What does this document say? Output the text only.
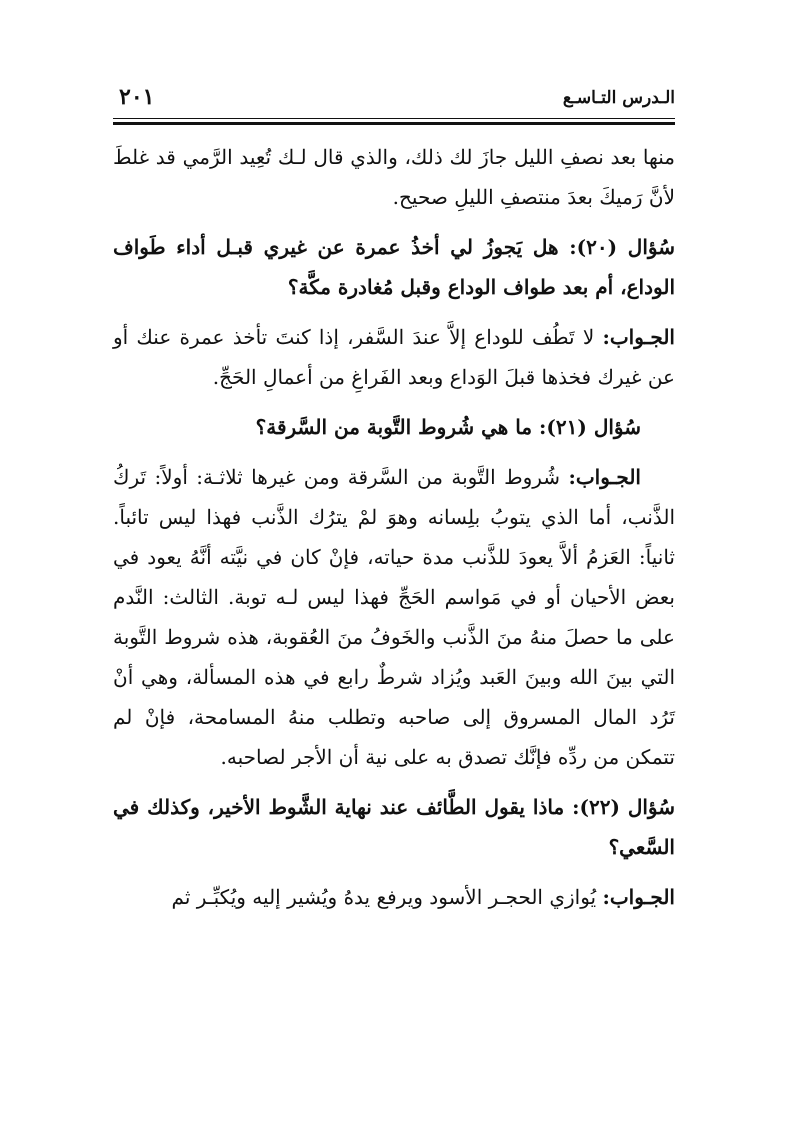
الـدرس التـاسـع
٢٠١

منها بعد نصفِ الليل جازَ لك ذلك، والذي قال لـك تُعِيد الرَّمي قد غلطَ لأنَّ رَميكَ بعدَ منتصفِ الليلِ صحيح.

سُؤال (٢٠): هل يَجوزُ لي أخذُ عمرة عن غيري قبـل أداء طَواف الوداع، أم بعد طواف الوداع وقبل مُغادرة مكَّة؟

الجـواب: لا تَطُف للوداع إلاَّ عندَ السَّفر، إذا كنتَ تأخذ عمرة عنك أو عن غيرك فخذها قبلَ الوَداع وبعد الفَراغِ من أعمالِ الحَجِّ.

سُؤال (٢١): ما هي شُروط التَّوبة من السَّرقة؟

الجـواب: شُروط التَّوبة من السَّرقة ومن غيرها ثلاثـة: أولاً: تَركُ الذَّنب، أما الذي يتوبُ بلِسانه وهوَ لمْ يترُك الذَّنب فهذا ليس تائباً. ثانياً: العَزمُ ألاَّ يعودَ للذَّنب مدة حياته، فإنْ كان في نيَّته أنَّهُ يعود في بعض الأحيان أو في مَواسم الحَجِّ فهذا ليس لـه توبة. الثالث: النَّدم على ما حصلَ منهُ منَ الذَّنب والخَوفُ منَ العُقوبة، هذه شروط التَّوبة التي بينَ الله وبينَ العَبد ويُزاد شرطٌ رابع في هذه المسألة، وهي أنْ تَرُد المال المسروق إلى صاحبه وتطلب منهُ المسامحة، فإنْ لم تتمكن من ردِّه فإنَّك تصدق به على نية أن الأجر لصاحبه.

سُؤال (٢٢): ماذا يقول الطَّائف عند نهاية الشَّوط الأخير، وكذلك في السَّعي؟

الجـواب: يُوازي الحجـر الأسود ويرفع يدهُ ويُشير إليه ويُكبِّـر ثم
